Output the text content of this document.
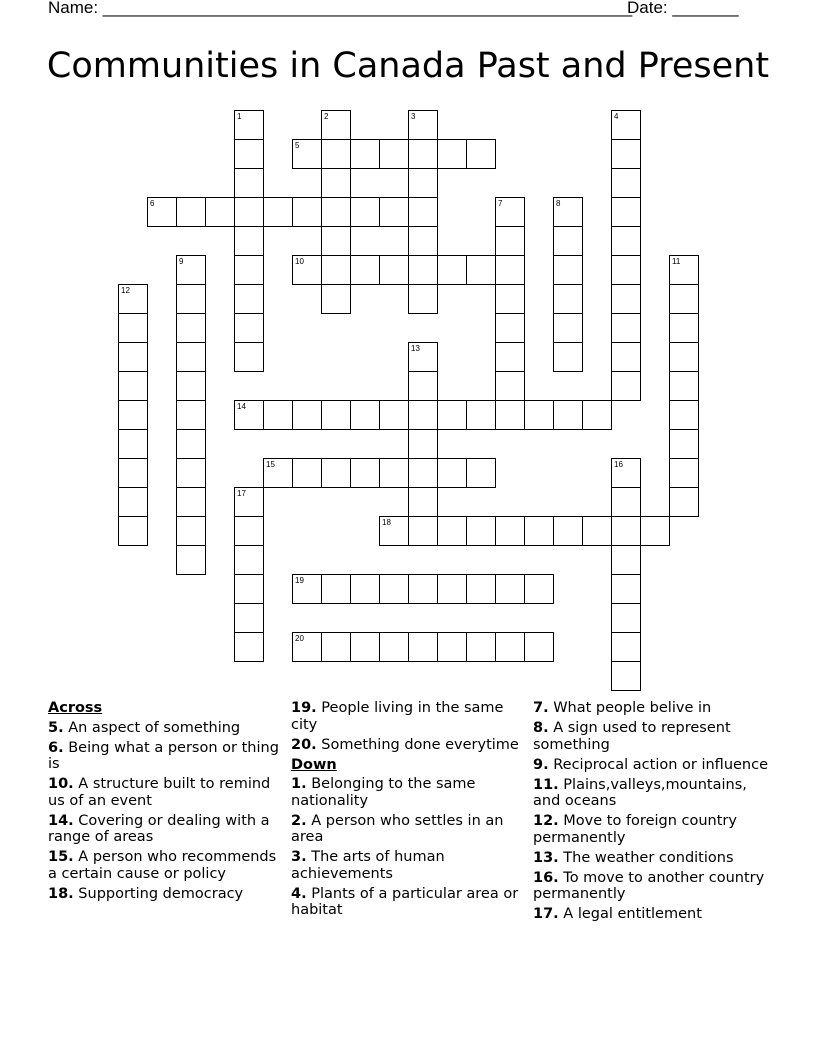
Name: ________________________________________________________
Date: _______
Communities in Canada Past and Present
1	2	3	4
5
6	7	8
9	10	11
12
13
14
15	16
17
18
19
20
Across
5. An aspect of something
6. Being what a person or thing is
10. A structure built to remind us of an event
14. Covering or dealing with a range of areas
15. A person who recommends a certain cause or policy
18. Supporting democracy
19. People living in the same city
20. Something done everytime
Down
1. Belonging to the same nationality
2. A person who settles in an area
3. The arts of human achievements
4. Plants of a particular area or habitat
7. What people belive in
8. A sign used to represent something
9. Reciprocal action or influence
11. Plains,valleys,mountains, and oceans
12. Move to foreign country permanently
13. The weather conditions
16. To move to another country permanently
17. A legal entitlement
